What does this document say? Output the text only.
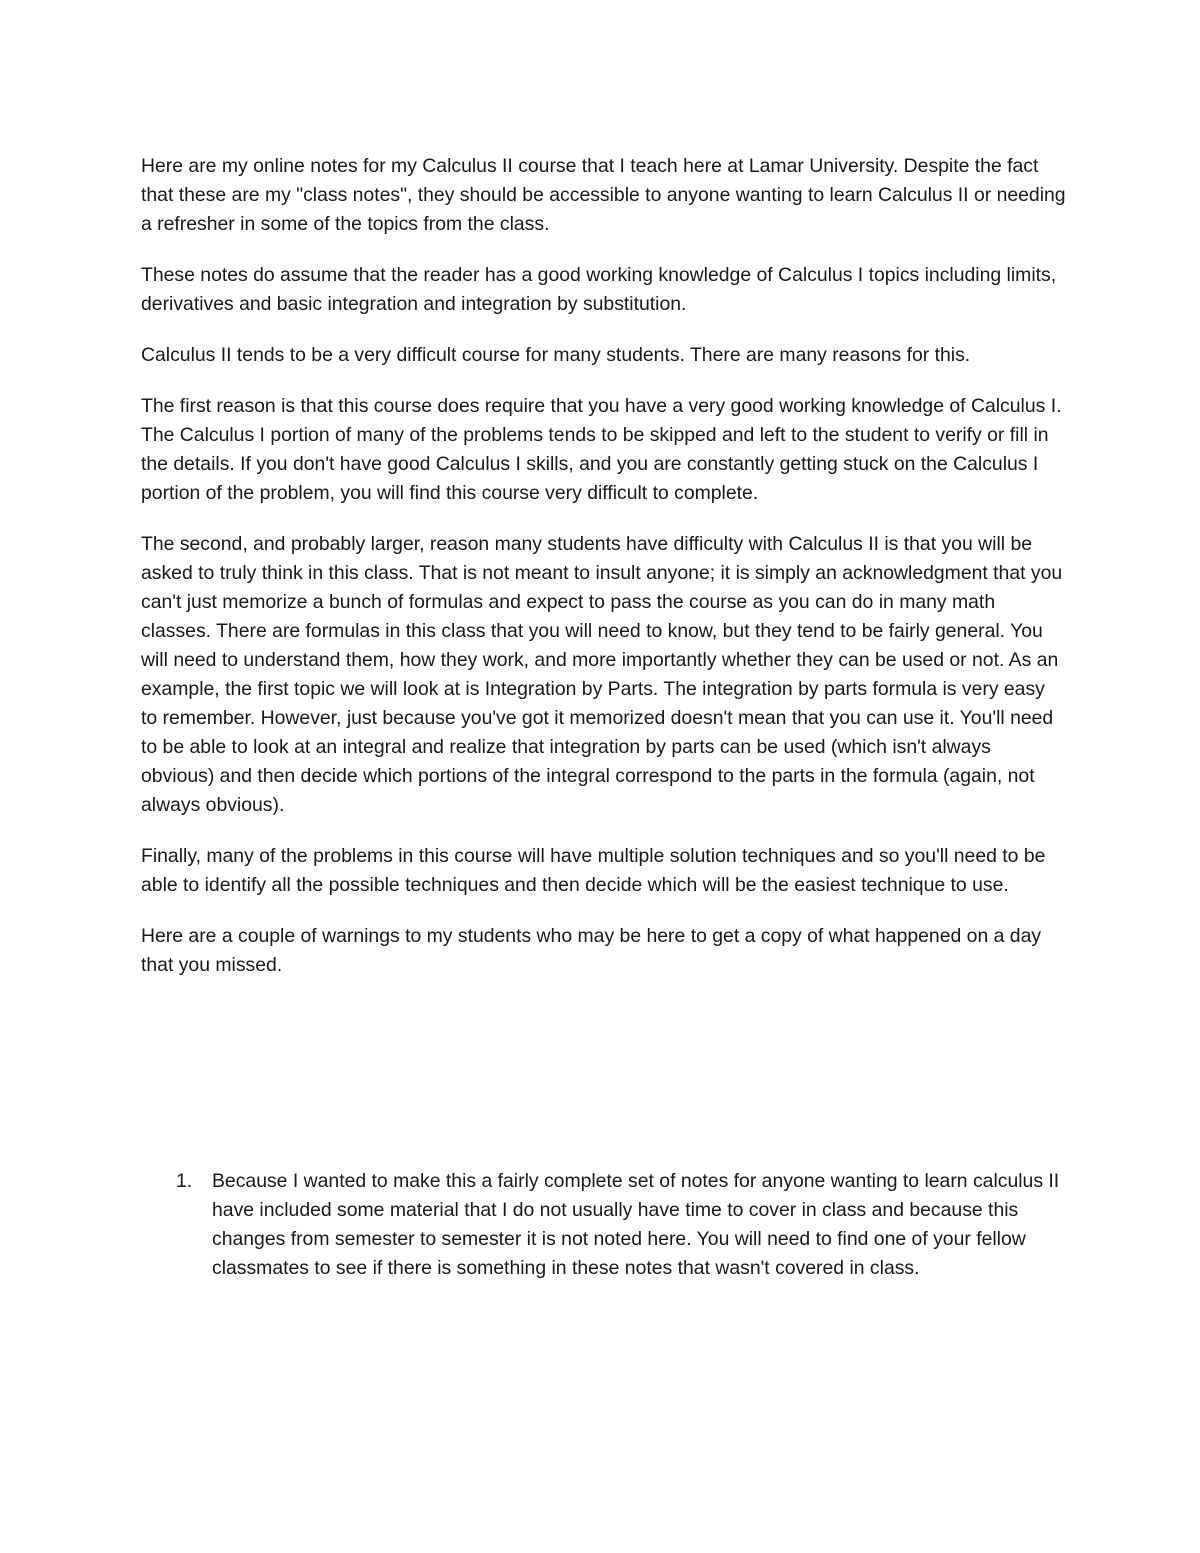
Here are my online notes for my Calculus II course that I teach here at Lamar University. Despite the fact that these are my "class notes", they should be accessible to anyone wanting to learn Calculus II or needing a refresher in some of the topics from the class.

These notes do assume that the reader has a good working knowledge of Calculus I topics including limits, derivatives and basic integration and integration by substitution.

Calculus II tends to be a very difficult course for many students. There are many reasons for this.

The first reason is that this course does require that you have a very good working knowledge of Calculus I. The Calculus I portion of many of the problems tends to be skipped and left to the student to verify or fill in the details. If you don't have good Calculus I skills, and you are constantly getting stuck on the Calculus I portion of the problem, you will find this course very difficult to complete.

The second, and probably larger, reason many students have difficulty with Calculus II is that you will be asked to truly think in this class. That is not meant to insult anyone; it is simply an acknowledgment that you can't just memorize a bunch of formulas and expect to pass the course as you can do in many math classes. There are formulas in this class that you will need to know, but they tend to be fairly general. You will need to understand them, how they work, and more importantly whether they can be used or not. As an example, the first topic we will look at is Integration by Parts. The integration by parts formula is very easy to remember. However, just because you've got it memorized doesn't mean that you can use it. You'll need to be able to look at an integral and realize that integration by parts can be used (which isn't always obvious) and then decide which portions of the integral correspond to the parts in the formula (again, not always obvious).

Finally, many of the problems in this course will have multiple solution techniques and so you'll need to be able to identify all the possible techniques and then decide which will be the easiest technique to use.

Here are a couple of warnings to my students who may be here to get a copy of what happened on a day that you missed.

1.	Because I wanted to make this a fairly complete set of notes for anyone wanting to learn calculus II have included some material that I do not usually have time to cover in class and because this changes from semester to semester it is not noted here. You will need to find one of your fellow classmates to see if there is something in these notes that wasn't covered in class.
